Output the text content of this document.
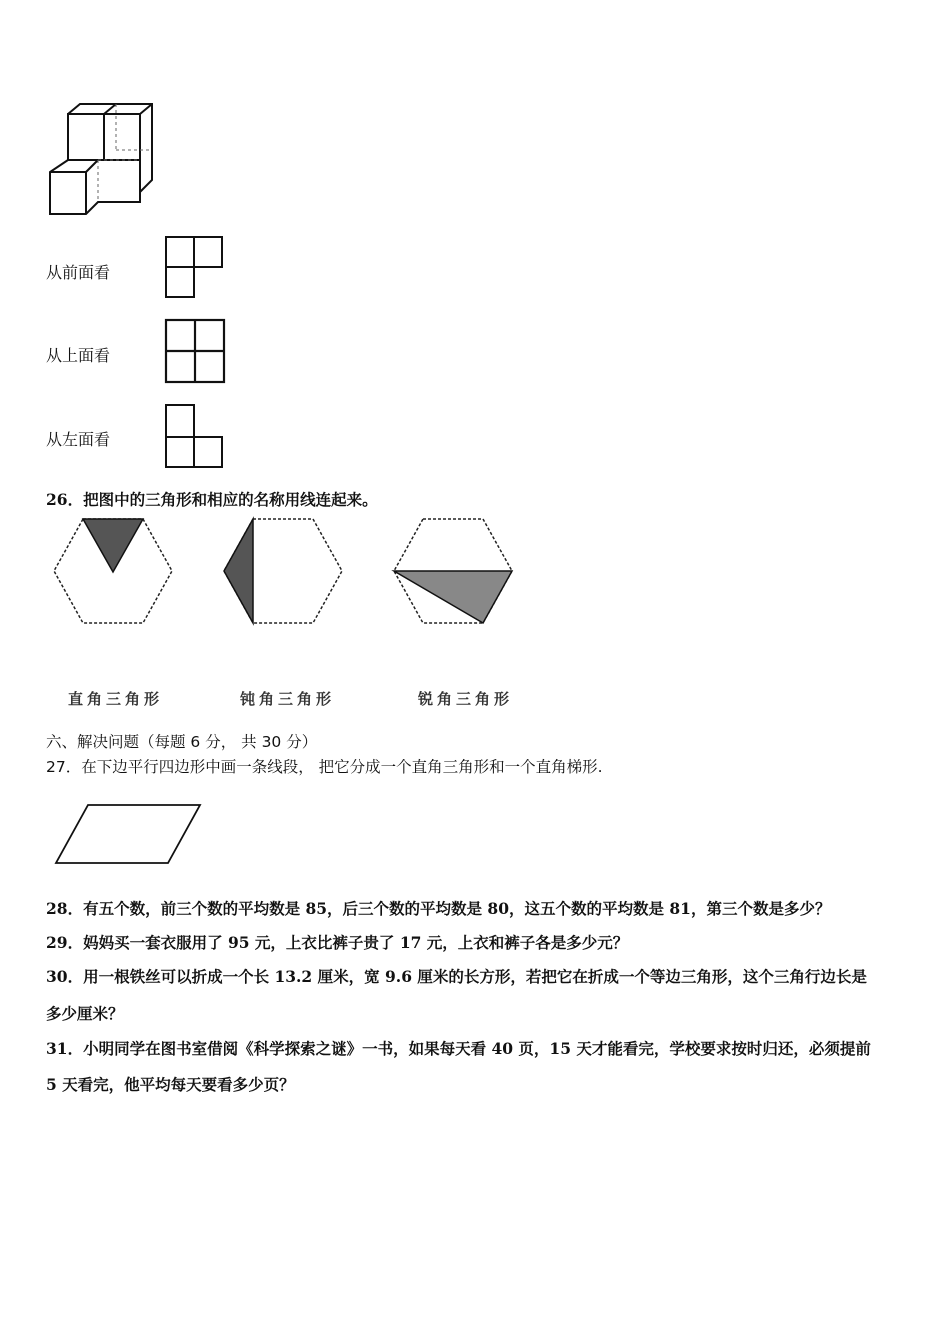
从前面看
从上面看
从左面看
26．把图中的三角形和相应的名称用线连起来。
直角三角形	钝角三角形	锐角三角形
六、解决问题（每题 6 分， 共 30 分）
27．在下边平行四边形中画一条线段， 把它分成一个直角三角形和一个直角梯形.
28．有五个数，前三个数的平均数是 85，后三个数的平均数是 80，这五个数的平均数是 81，第三个数是多少？
29．妈妈买一套衣服用了 95 元，上衣比裤子贵了 17 元，上衣和裤子各是多少元？
30．用一根铁丝可以折成一个长 13.2 厘米，宽 9.6 厘米的长方形，若把它在折成一个等边三角形，这个三角行边长是
多少厘米？
31．小明同学在图书室借阅《科学探索之谜》一书，如果每天看 40 页，15 天才能看完，学校要求按时归还，必须提前
5 天看完，他平均每天要看多少页？
